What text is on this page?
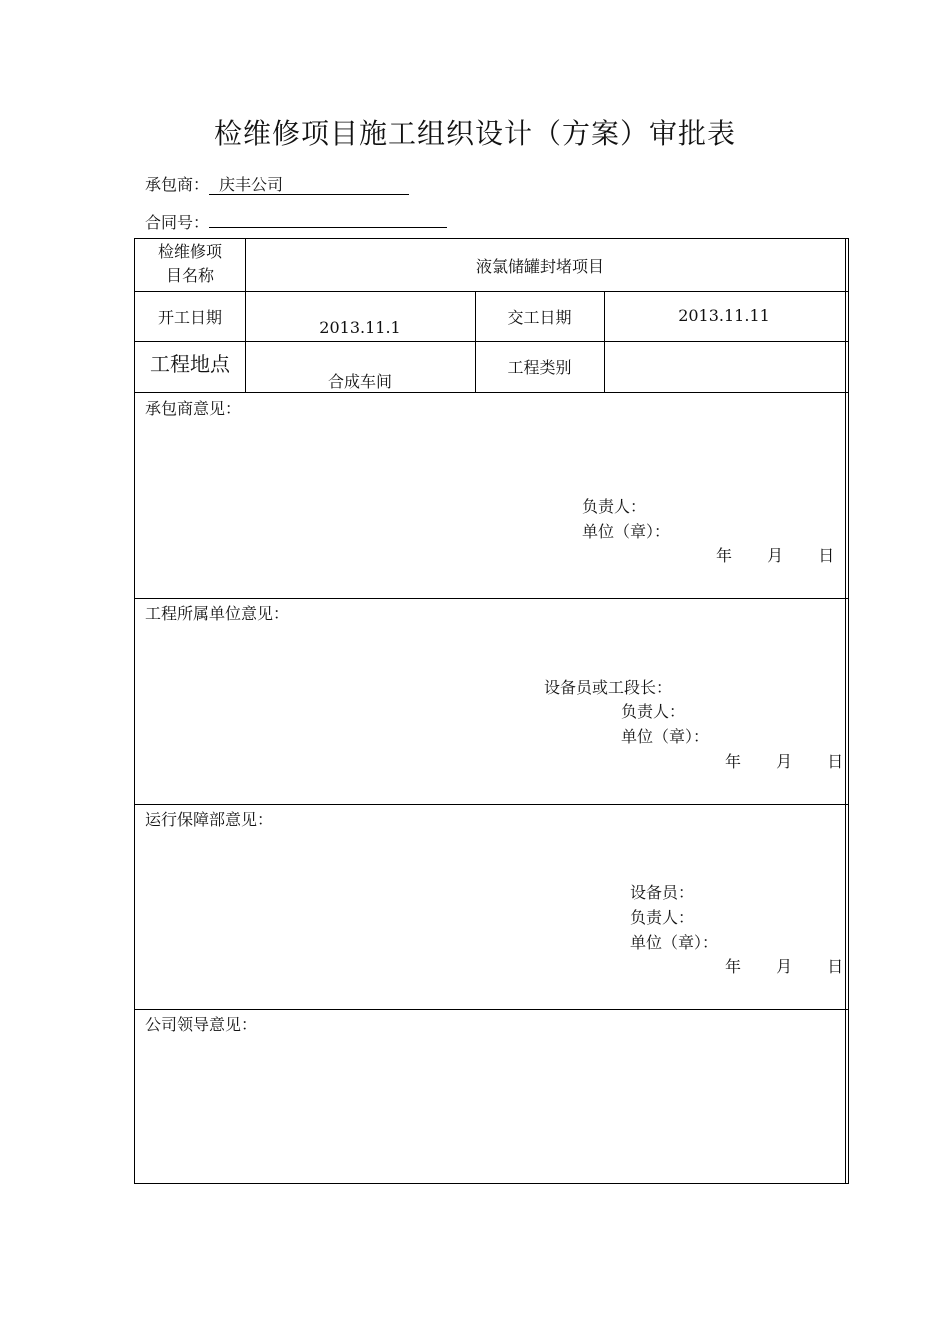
检维修项目施工组织设计（方案）审批表
承包商： 庆丰公司
合同号：
检维修项
目名称	液氯储罐封堵项目
开工日期
2013.11.1
交工日期	2013.11.11
工程地点
合成车间
工程类别
承包商意见：
负责人：
单位（章）：
年 月 日
工程所属单位意见：
设备员或工段长：
负责人：
单位（章）：
年 月 日
运行保障部意见：
设备员：
负责人：
单位（章）：
年 月 日
公司领导意见：
